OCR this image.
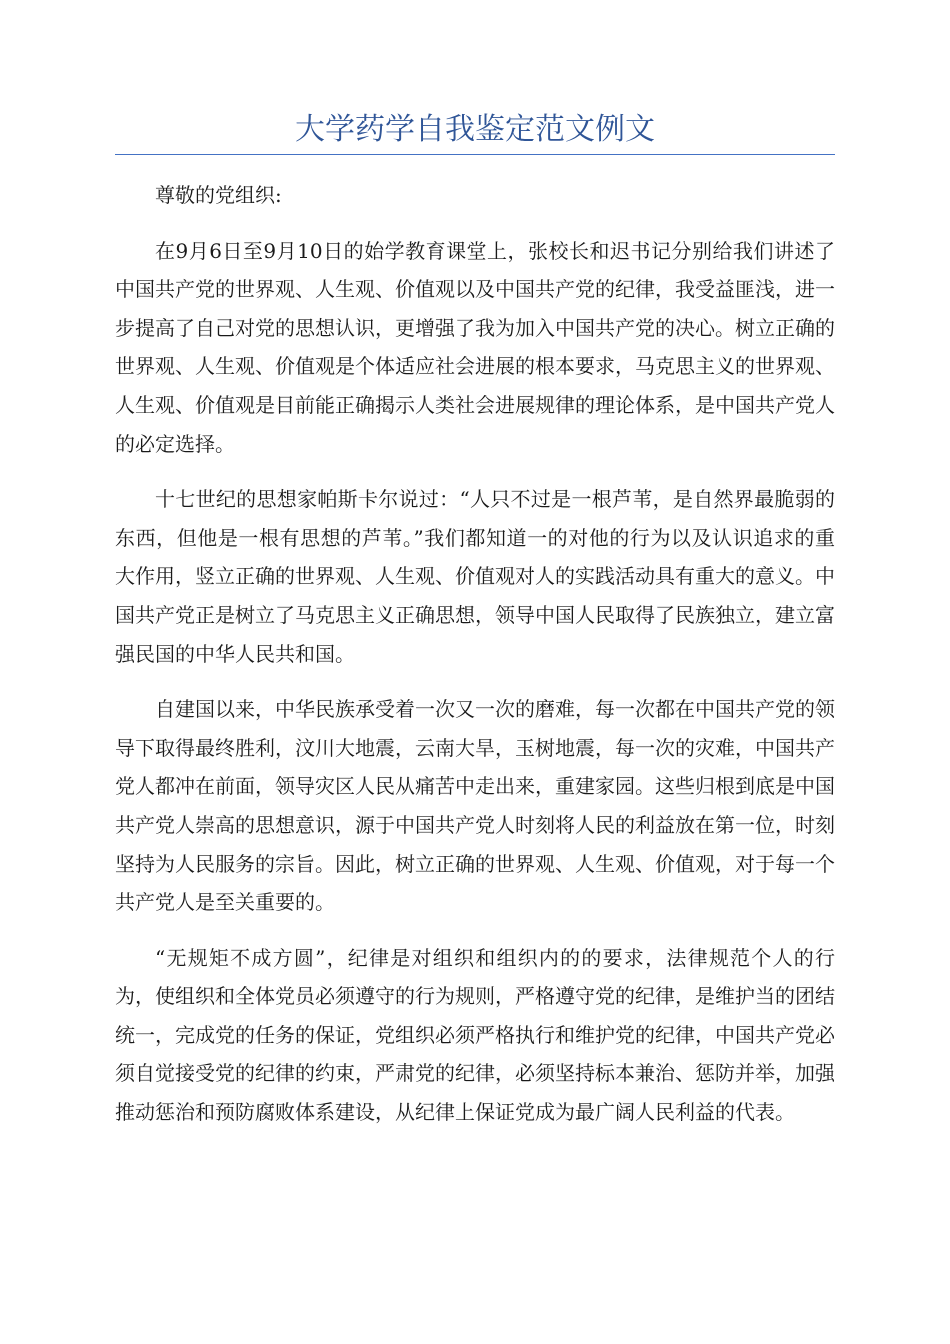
大学药学自我鉴定范文例文

尊敬的党组织:

在9月6日至9月10日的始学教育课堂上，张校长和迟书记分别给我们讲述了中国共产党的世界观、人生观、价值观以及中国共产党的纪律，我受益匪浅，进一步提高了自己对党的思想认识，更增强了我为加入中国共产党的决心。树立正确的世界观、人生观、价值观是个体适应社会进展的根本要求，马克思主义的世界观、人生观、价值观是目前能正确揭示人类社会进展规律的理论体系，是中国共产党人的必定选择。

十七世纪的思想家帕斯卡尔说过：“人只不过是一根芦苇，是自然界最脆弱的东西，但他是一根有思想的芦苇。”我们都知道一的对他的行为以及认识追求的重大作用，竖立正确的世界观、人生观、价值观对人的实践活动具有重大的意义。中国共产党正是树立了马克思主义正确思想，领导中国人民取得了民族独立，建立富强民国的中华人民共和国。

自建国以来，中华民族承受着一次又一次的磨难，每一次都在中国共产党的领导下取得最终胜利，汶川大地震，云南大旱，玉树地震，每一次的灾难，中国共产党人都冲在前面，领导灾区人民从痛苦中走出来，重建家园。这些归根到底是中国共产党人崇高的思想意识，源于中国共产党人时刻将人民的利益放在第一位，时刻坚持为人民服务的宗旨。因此，树立正确的世界观、人生观、价值观，对于每一个共产党人是至关重要的。

“无规矩不成方圆”，纪律是对组织和组织内的的要求，法律规范个人的行为，使组织和全体党员必须遵守的行为规则，严格遵守党的纪律，是维护当的团结统一，完成党的任务的保证，党组织必须严格执行和维护党的纪律，中国共产党必须自觉接受党的纪律的约束，严肃党的纪律，必须坚持标本兼治、惩防并举，加强推动惩治和预防腐败体系建设，从纪律上保证党成为最广阔人民利益的代表。
